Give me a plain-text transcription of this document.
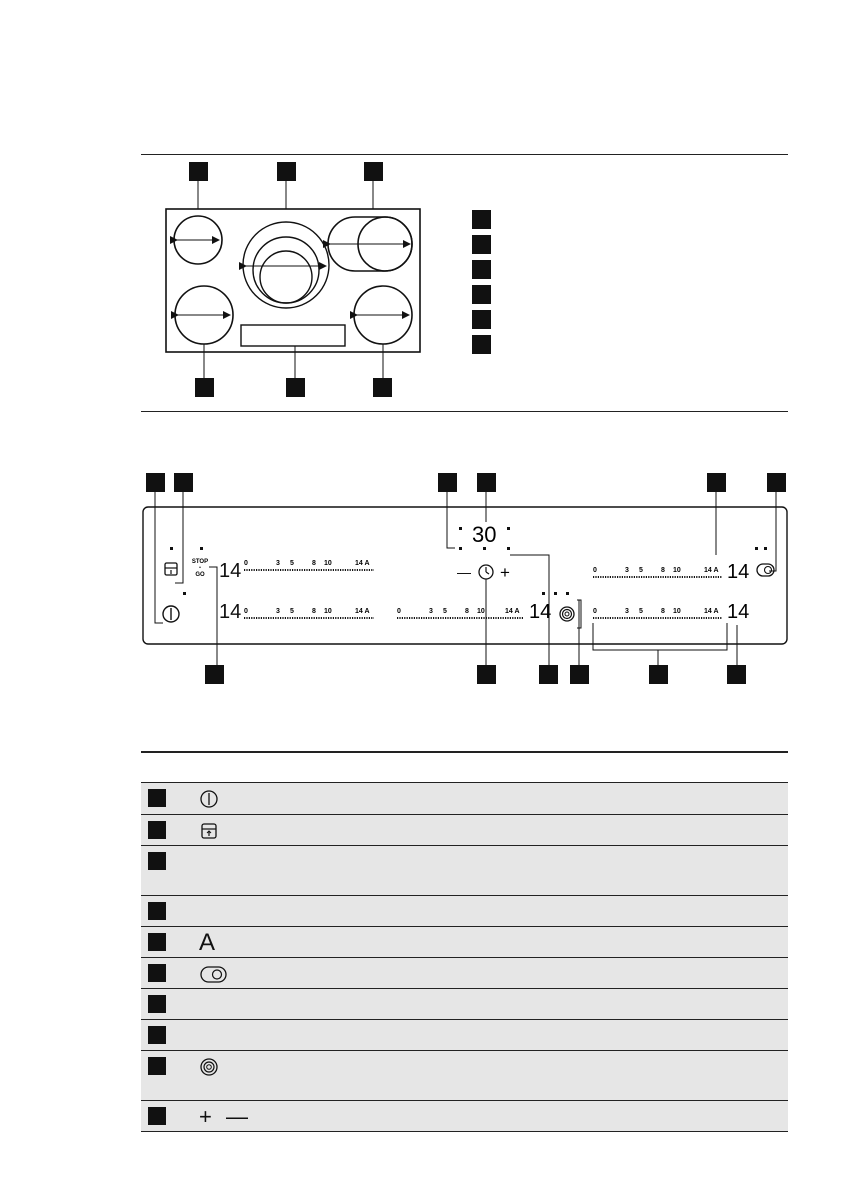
STOP
•
GO 14 0	3 5	8 10	14 A
14 0	3 5	8 10	14 A	0	3 5	8 10	14 A 14
30
— +	0	3 5	8 10	14 A 14
0	3 5	8 10	14 A 14
A
+ —
